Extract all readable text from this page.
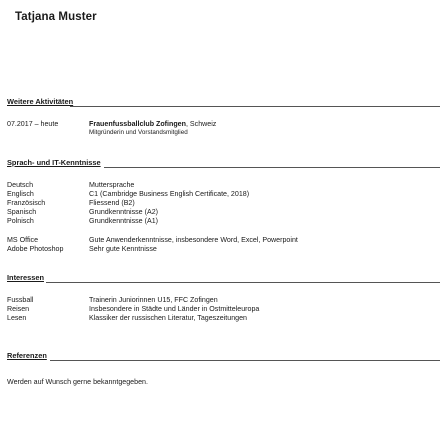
Tatjana Muster
Weitere Aktivitäten
07.2017 – heute	Frauenfussballclub Zofingen, Schweiz
Mitgründerin und Vorstandsmitglied
Sprach- und IT-Kenntnisse
Deutsch	Muttersprache
Englisch	C1 (Cambridge Business English Certificate, 2018)
Französisch	Fliessend (B2)
Spanisch	Grundkenntnisse (A2)
Polnisch	Grundkenntnisse (A1)
MS Office	Gute Anwenderkenntnisse, insbesondere Word, Excel, Powerpoint
Adobe Photoshop	Sehr gute Kenntnisse
Interessen
Fussball	Trainerin Juniorinnen U15, FFC Zofingen
Reisen	Insbesondere in Städte und Länder in Ostmitteleuropa
Lesen	Klassiker der russischen Literatur, Tageszeitungen
Referenzen
Werden auf Wunsch gerne bekanntgegeben.
